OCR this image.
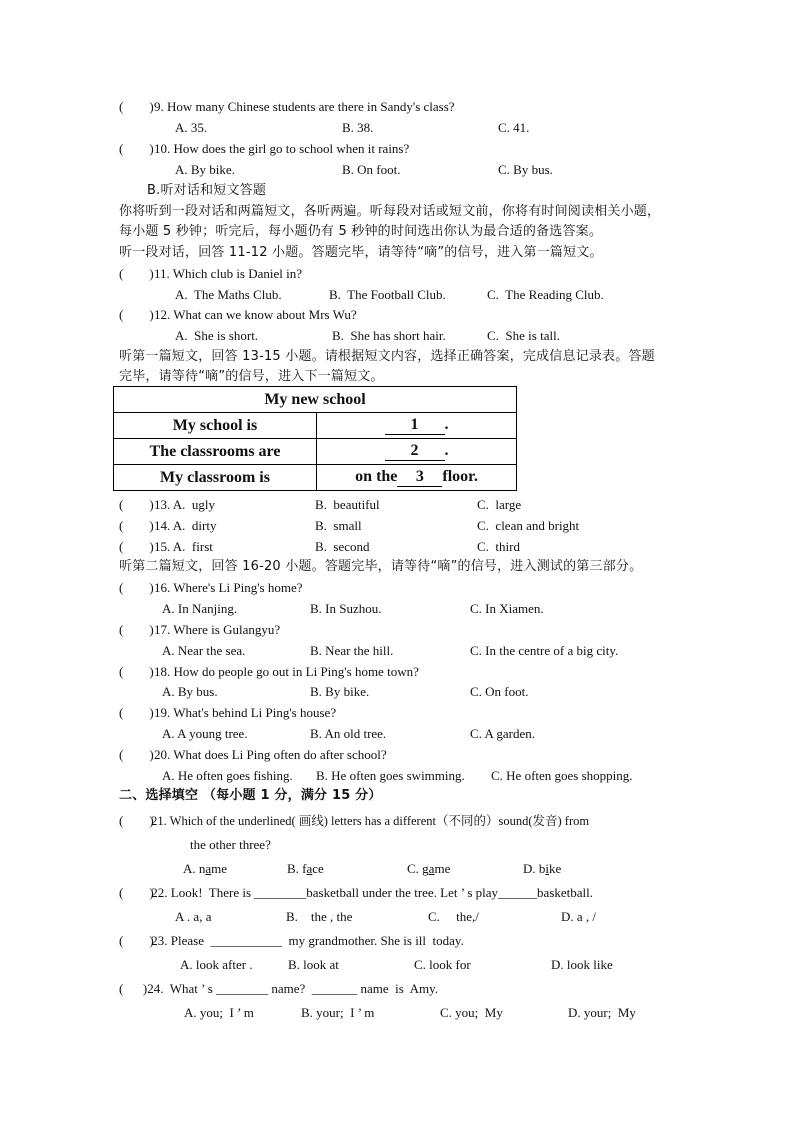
(        ) 9. How many Chinese students are there in Sandy's class?
A. 35.	B. 38.	C. 41.
(        ) 10. How does the girl go to school when it rains?
A. By bike.	B. On foot.	C. By bus.
B.听对话和短文答题
你将听到一段对话和两篇短文，各听两遍。听每段对话或短文前，你将有时间阅读相关小题，
每小题 5 秒钟；听完后，每小题仍有 5 秒钟的时间选出你认为最合适的备选答案。
听一段对话，回答 11-12 小题。答题完毕，请等待“嘀”的信号，进入第一篇短文。
(        ) 11. Which club is Daniel in?
A.  The Maths Club.	B.  The Football Club.	C.  The Reading Club.
(        ) 12. What can we know about Mrs Wu?
A.  She is short.	B.  She has short hair.	C.  She is tall.
听第一篇短文，回答 13-15 小题。请根据短文内容，选择正确答案，完成信息记录表。答题
完毕，请等待“嘀”的信号，进入下一篇短文。
My new school	
My school is	1 .
The classrooms are	2 .
My classroom is	on the 3 floor.
(        ) 13. A.  ugly	B.  beautiful	C.  large
(        ) 14. A.  dirty	B.  small	C.  clean and bright
(        ) 15. A.  first	B.  second	C.  third
听第二篇短文，回答 16-20 小题。答题完毕，请等待“嘀”的信号，进入测试的第三部分。
(        ) 16. Where's Li Ping's home?
A. In Nanjing.	B. In Suzhou.	C. In Xiamen.
(        ) 17. Where is Gulangyu?
A. Near the sea.	B. Near the hill.	C. In the centre of a big city.
(        ) 18. How do people go out in Li Ping's home town?
A. By bus.	B. By bike.	C. On foot.
(        ) 19. What's behind Li Ping's house?
A. A young tree.	B. An old tree.	C. A garden.
(        ) 20. What does Li Ping often do after school?
A. He often goes fishing. B. He often goes swimming. C. He often goes shopping.
二、选择填空 （每小题 1 分，满分 15 分）
(        )
21. Which of the underlined( 画线) letters has a different（不同的）sound(发音) from
the other three?
A. name	B. face	C. game	D. bike
(        )
22. Look!  There is ________basketball under the tree. Let ’ s play______basketball.
A . a, a	B.    the , the	C.     the,/	D. a , /
(        )
23. Please  ___________  my grandmother. She is ill  today.
A. look after .	B. look at	C. look for	D. look like
(      )
24.  What ’ s ________ name?  _______ name  is  Amy.
A. you;  I ’ m	B. your;  I ’ m	C. you;  My	D. your;  My
